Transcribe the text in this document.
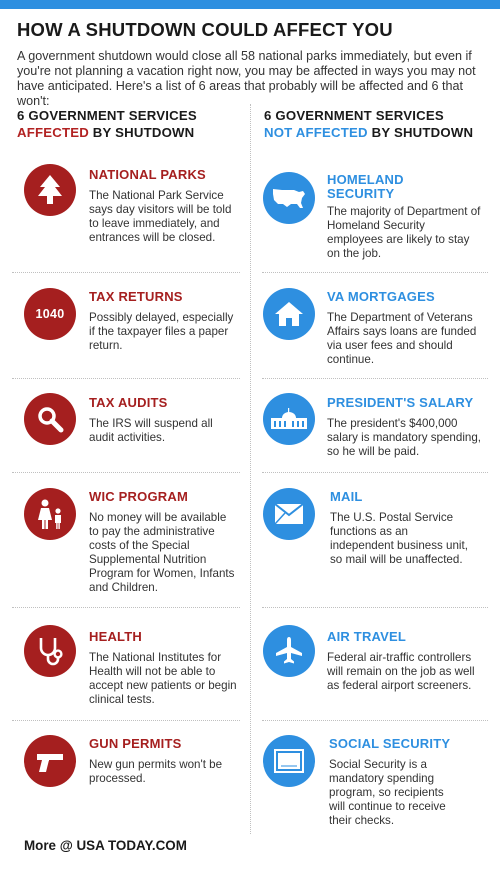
HOW A SHUTDOWN COULD AFFECT YOU
A government shutdown would close all 58 national parks immediately, but even if you're not planning a vacation right now, you may be affected in ways you may not have anticipated. Here's a list of 6 areas that probably will be affected and 6 that won't:
6 GOVERNMENT SERVICES
AFFECTED BY SHUTDOWN
6 GOVERNMENT SERVICES
NOT AFFECTED BY SHUTDOWN
NATIONAL PARKS
The National Park Service says day visitors will be told to leave immediately, and entrances will be closed.
1040
TAX RETURNS
Possibly delayed, especially if the taxpayer files a paper return.
TAX AUDITS
The IRS will suspend all audit activities.
WIC PROGRAM
No money will be available to pay the administrative costs of the Special Supplemental Nutrition Program for Women, Infants and Children.
HEALTH
The National Institutes for Health will not be able to accept new patients or begin clinical tests.
GUN PERMITS
New gun permits won't be processed.
HOMELAND SECURITY
The majority of Department of Homeland Security employees are likely to stay on the job.
VA MORTGAGES
The Department of Veterans Affairs says loans are funded via user fees and should continue.
PRESIDENT'S SALARY
The president's $400,000 salary is mandatory spending, so he will be paid.
MAIL
The U.S. Postal Service functions as an independent business unit, so mail will be unaffected.
AIR TRAVEL
Federal air-traffic controllers will remain on the job as well as federal airport screeners.
SOCIAL SECURITY
Social Security is a mandatory spending program, so recipients will continue to receive their checks.
More @ USA TODAY.COM
